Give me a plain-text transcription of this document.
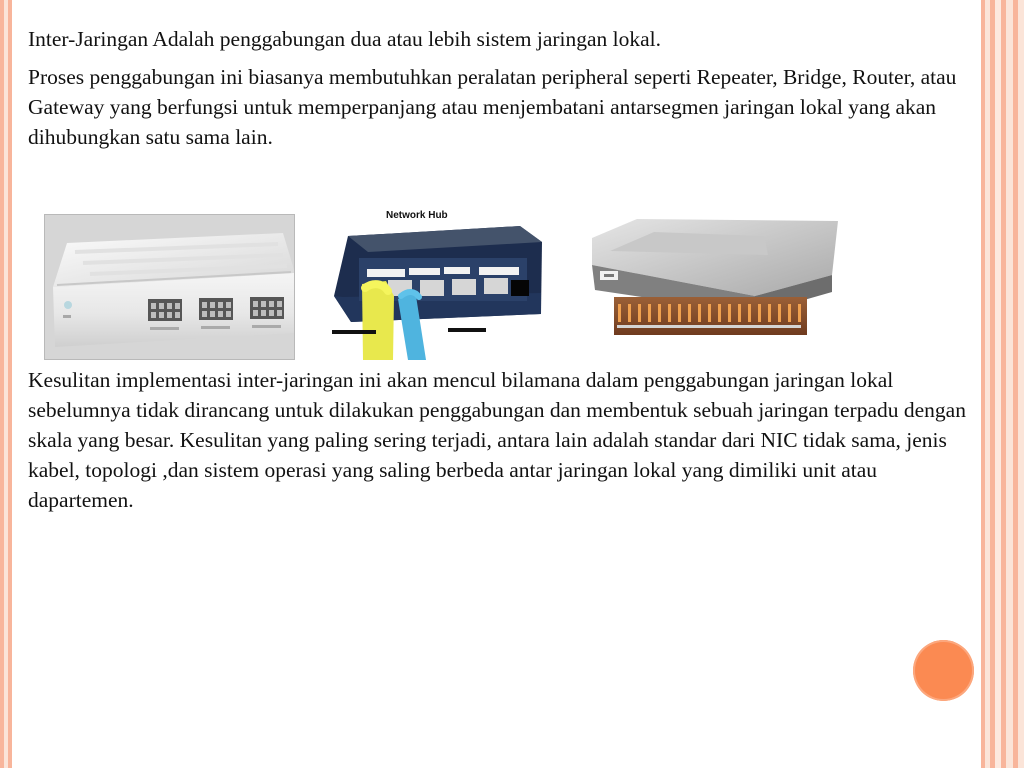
Inter-Jaringan Adalah penggabungan dua atau lebih sistem jaringan lokal.

Proses penggabungan ini biasanya membutuhkan peralatan peripheral seperti Repeater, Bridge, Router, atau Gateway yang berfungsi untuk memperpanjang atau menjembatani antarsegmen jaringan lokal yang akan dihubungkan satu sama lain.

Kesulitan implementasi inter-jaringan ini akan mencul bilamana dalam penggabungan jaringan lokal sebelumnya tidak dirancang untuk dilakukan penggabungan dan membentuk sebuah jaringan terpadu dengan skala yang besar. Kesulitan yang paling sering terjadi, antara lain adalah standar dari NIC tidak sama, jenis kabel, topologi ,dan sistem operasi yang saling berbeda antar jaringan lokal yang dimiliki unit atau dapartemen.

Network Hub
